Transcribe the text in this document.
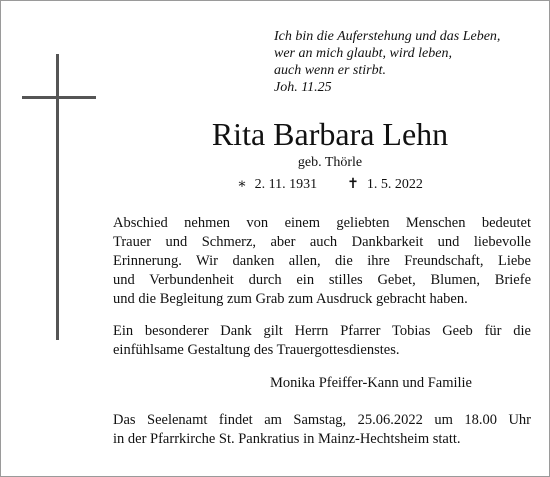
Ich bin die Auferstehung und das Leben,
wer an mich glaubt, wird leben,
auch wenn er stirbt.
Joh. 11.25
Rita Barbara Lehn
geb. Thörle
∗ 2. 11. 1931 ✝ 1. 5. 2022
Abschied nehmen von einem geliebten Menschen bedeutet
Trauer und Schmerz, aber auch Dankbarkeit und liebevolle
Erinnerung. Wir danken allen, die ihre Freundschaft, Liebe
und Verbundenheit durch ein stilles Gebet, Blumen, Briefe
und die Begleitung zum Grab zum Ausdruck gebracht haben.
Ein besonderer Dank gilt Herrn Pfarrer Tobias Geeb für die
einfühlsame Gestaltung des Trauergottesdienstes.
Monika Pfeiffer-Kann und Familie
Das Seelenamt findet am Samstag, 25.06.2022 um 18.00 Uhr
in der Pfarrkirche St. Pankratius in Mainz-Hechtsheim statt.
